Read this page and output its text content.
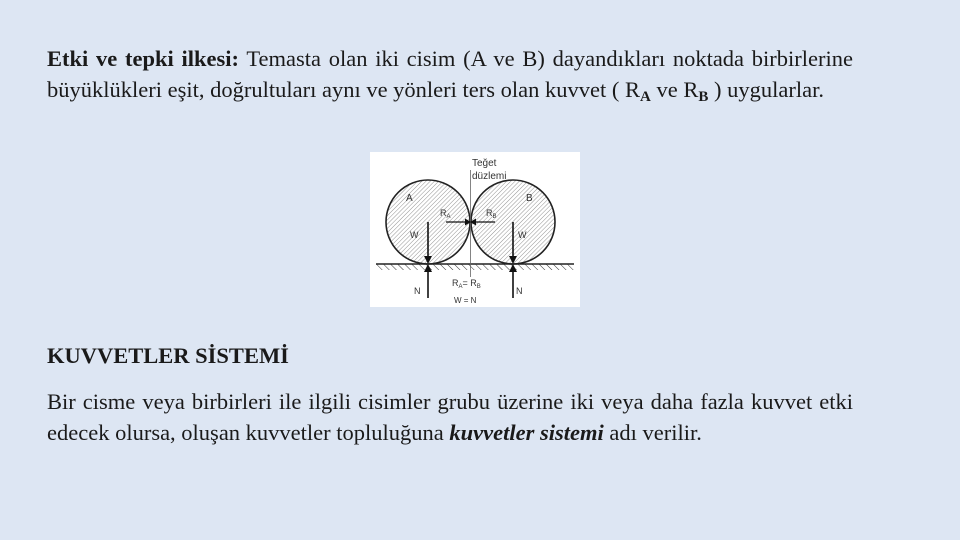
Etki ve tepki ilkesi: Temasta olan iki cisim (A ve B) dayandıkları noktada birbirlerine büyüklükleri eşit, doğrultuları aynı ve yönleri ters olan kuvvet ( $R_A$ ve $R_B$ ) uygularlar.

Teğet
düzlemi
A	B
$R_A$	$R_B$
W	W
N	N
$R_A= R_B$
W = N

KUVVETLER SİSTEMİ

Bir cisme veya birbirleri ile ilgili cisimler grubu üzerine iki veya daha fazla kuvvet etki edecek olursa, oluşan kuvvetler topluluğuna kuvvetler sistemi adı verilir.
